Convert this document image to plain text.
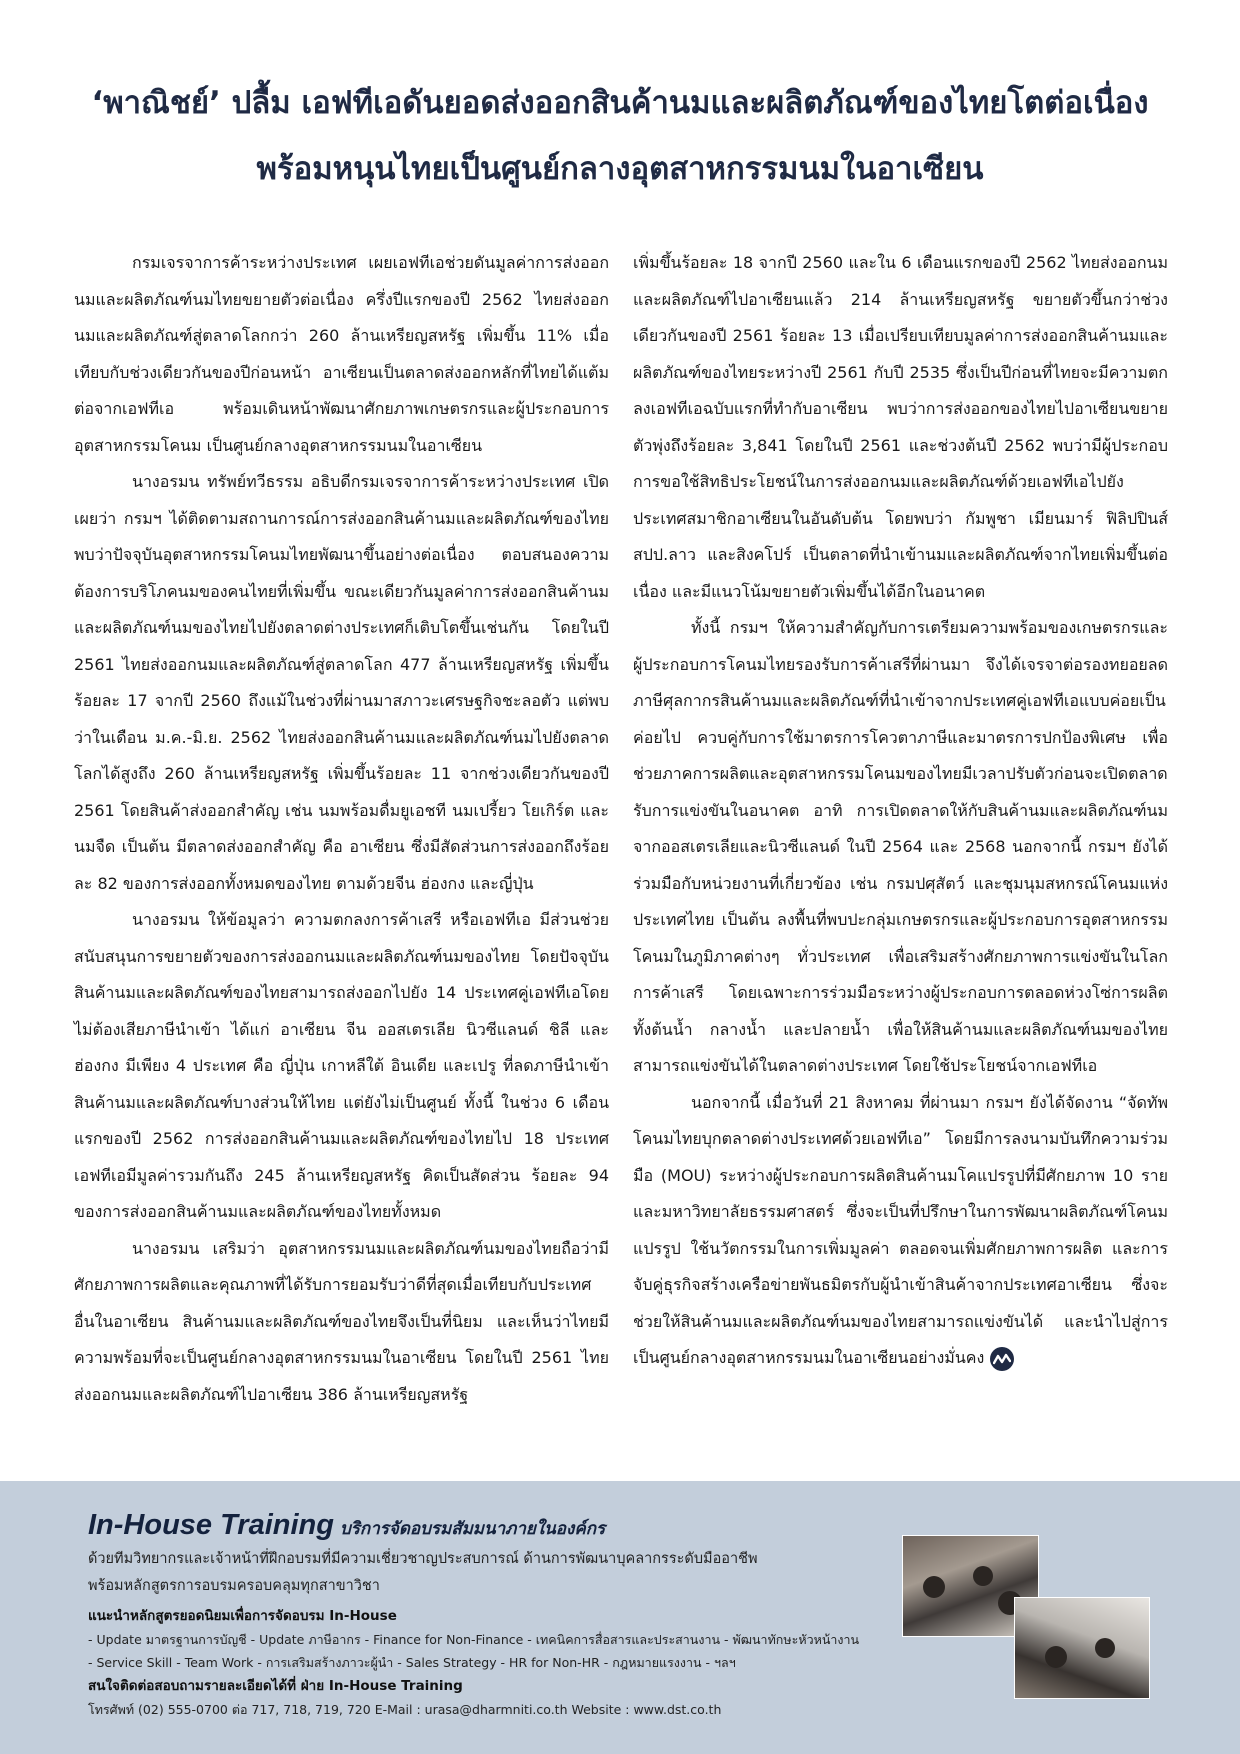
‘พาณิชย์’ ปลื้ม เอฟทีเอดันยอดส่งออกสินค้านมและผลิตภัณฑ์ของไทยโตต่อเนื่อง
พร้อมหนุนไทยเป็นศูนย์กลางอุตสาหกรรมนมในอาเซียน

กรมเจรจาการค้าระหว่างประเทศ เผยเอฟทีเอช่วยดันมูลค่าการส่งออกนมและผลิตภัณฑ์นมไทยขยายตัวต่อเนื่อง ครึ่งปีแรกของปี 2562 ไทยส่งออกนมและผลิตภัณฑ์สู่ตลาดโลกกว่า 260 ล้านเหรียญสหรัฐ เพิ่มขึ้น 11% เมื่อเทียบกับช่วงเดียวกันของปีก่อนหน้า อาเซียนเป็นตลาดส่งออกหลักที่ไทยได้แต้มต่อจากเอฟทีเอ พร้อมเดินหน้าพัฒนาศักยภาพเกษตรกรและผู้ประกอบการอุตสาหกรรมโคนม เป็นศูนย์กลางอุตสาหกรรมนมในอาเซียน

นางอรมน ทรัพย์ทวีธรรม อธิบดีกรมเจรจาการค้าระหว่างประเทศ เปิดเผยว่า กรมฯ ได้ติดตามสถานการณ์การส่งออกสินค้านมและผลิตภัณฑ์ของไทย พบว่าปัจจุบันอุตสาหกรรมโคนมไทยพัฒนาขึ้นอย่างต่อเนื่อง ตอบสนองความต้องการบริโภคนมของคนไทยที่เพิ่มขึ้น ขณะเดียวกันมูลค่าการส่งออกสินค้านมและผลิตภัณฑ์นมของไทยไปยังตลาดต่างประเทศก็เติบโตขึ้นเช่นกัน โดยในปี 2561 ไทยส่งออกนมและผลิตภัณฑ์สู่ตลาดโลก 477 ล้านเหรียญสหรัฐ เพิ่มขึ้นร้อยละ 17 จากปี 2560 ถึงแม้ในช่วงที่ผ่านมาสภาวะเศรษฐกิจชะลอตัว แต่พบว่าในเดือน ม.ค.-มิ.ย. 2562 ไทยส่งออกสินค้านมและผลิตภัณฑ์นมไปยังตลาดโลกได้สูงถึง 260 ล้านเหรียญสหรัฐ เพิ่มขึ้นร้อยละ 11 จากช่วงเดียวกันของปี 2561 โดยสินค้าส่งออกสำคัญ เช่น นมพร้อมดื่มยูเอชที นมเปรี้ยว โยเกิร์ต และนมจืด เป็นต้น มีตลาดส่งออกสำคัญ คือ อาเซียน ซึ่งมีสัดส่วนการส่งออกถึงร้อยละ 82 ของการส่งออกทั้งหมดของไทย ตามด้วยจีน ฮ่องกง และญี่ปุ่น

นางอรมน ให้ข้อมูลว่า ความตกลงการค้าเสรี หรือเอฟทีเอ มีส่วนช่วยสนับสนุนการขยายตัวของการส่งออกนมและผลิตภัณฑ์นมของไทย โดยปัจจุบันสินค้านมและผลิตภัณฑ์ของไทยสามารถส่งออกไปยัง 14 ประเทศคู่เอฟทีเอโดยไม่ต้องเสียภาษีนำเข้า ได้แก่ อาเซียน จีน ออสเตรเลีย นิวซีแลนด์ ชิลี และฮ่องกง มีเพียง 4 ประเทศ คือ ญี่ปุ่น เกาหลีใต้ อินเดีย และเปรู ที่ลดภาษีนำเข้าสินค้านมและผลิตภัณฑ์บางส่วนให้ไทย แต่ยังไม่เป็นศูนย์ ทั้งนี้ ในช่วง 6 เดือนแรกของปี 2562 การส่งออกสินค้านมและผลิตภัณฑ์ของไทยไป 18 ประเทศเอฟทีเอมีมูลค่ารวมกันถึง 245 ล้านเหรียญสหรัฐ คิดเป็นสัดส่วน ร้อยละ 94 ของการส่งออกสินค้านมและผลิตภัณฑ์ของไทยทั้งหมด

นางอรมน เสริมว่า อุตสาหกรรมนมและผลิตภัณฑ์นมของไทยถือว่ามีศักยภาพการผลิตและคุณภาพที่ได้รับการยอมรับว่าดีที่สุดเมื่อเทียบกับประเทศอื่นในอาเซียน สินค้านมและผลิตภัณฑ์ของไทยจึงเป็นที่นิยม และเห็นว่าไทยมีความพร้อมที่จะเป็นศูนย์กลางอุตสาหกรรมนมในอาเซียน โดยในปี 2561 ไทยส่งออกนมและผลิตภัณฑ์ไปอาเซียน 386 ล้านเหรียญสหรัฐ

เพิ่มขึ้นร้อยละ 18 จากปี 2560 และใน 6 เดือนแรกของปี 2562 ไทยส่งออกนมและผลิตภัณฑ์ไปอาเซียนแล้ว 214 ล้านเหรียญสหรัฐ ขยายตัวขึ้นกว่าช่วงเดียวกันของปี 2561 ร้อยละ 13 เมื่อเปรียบเทียบมูลค่าการส่งออกสินค้านมและผลิตภัณฑ์ของไทยระหว่างปี 2561 กับปี 2535 ซึ่งเป็นปีก่อนที่ไทยจะมีความตกลงเอฟทีเอฉบับแรกที่ทำกับอาเซียน พบว่าการส่งออกของไทยไปอาเซียนขยายตัวพุ่งถึงร้อยละ 3,841 โดยในปี 2561 และช่วงต้นปี 2562 พบว่ามีผู้ประกอบการขอใช้สิทธิประโยชน์ในการส่งออกนมและผลิตภัณฑ์ด้วยเอฟทีเอไปยังประเทศสมาชิกอาเซียนในอันดับต้น โดยพบว่า กัมพูชา เมียนมาร์ ฟิลิปปินส์ สปป.ลาว และสิงคโปร์ เป็นตลาดที่นำเข้านมและผลิตภัณฑ์จากไทยเพิ่มขึ้นต่อเนื่อง และมีแนวโน้มขยายตัวเพิ่มขึ้นได้อีกในอนาคต

ทั้งนี้ กรมฯ ให้ความสำคัญกับการเตรียมความพร้อมของเกษตรกรและผู้ประกอบการโคนมไทยรองรับการค้าเสรีที่ผ่านมา จึงได้เจรจาต่อรองทยอยลดภาษีศุลกากรสินค้านมและผลิตภัณฑ์ที่นำเข้าจากประเทศคู่เอฟทีเอแบบค่อยเป็นค่อยไป ควบคู่กับการใช้มาตรการโควตาภาษีและมาตรการปกป้องพิเศษ เพื่อช่วยภาคการผลิตและอุตสาหกรรมโคนมของไทยมีเวลาปรับตัวก่อนจะเปิดตลาดรับการแข่งขันในอนาคต อาทิ การเปิดตลาดให้กับสินค้านมและผลิตภัณฑ์นมจากออสเตรเลียและนิวซีแลนด์ ในปี 2564 และ 2568 นอกจากนี้ กรมฯ ยังได้ร่วมมือกับหน่วยงานที่เกี่ยวข้อง เช่น กรมปศุสัตว์ และชุมนุมสหกรณ์โคนมแห่งประเทศไทย เป็นต้น ลงพื้นที่พบปะกลุ่มเกษตรกรและผู้ประกอบการอุตสาหกรรมโคนมในภูมิภาคต่างๆ ทั่วประเทศ เพื่อเสริมสร้างศักยภาพการแข่งขันในโลกการค้าเสรี โดยเฉพาะการร่วมมือระหว่างผู้ประกอบการตลอดห่วงโซ่การผลิต ทั้งต้นน้ำ กลางน้ำ และปลายน้ำ เพื่อให้สินค้านมและผลิตภัณฑ์นมของไทยสามารถแข่งขันได้ในตลาดต่างประเทศ โดยใช้ประโยชน์จากเอฟทีเอ

นอกจากนี้ เมื่อวันที่ 21 สิงหาคม ที่ผ่านมา กรมฯ ยังได้จัดงาน “จัดทัพโคนมไทยบุกตลาดต่างประเทศด้วยเอฟทีเอ” โดยมีการลงนามบันทึกความร่วมมือ (MOU) ระหว่างผู้ประกอบการผลิตสินค้านมโคแปรรูปที่มีศักยภาพ 10 ราย และมหาวิทยาลัยธรรมศาสตร์ ซึ่งจะเป็นที่ปรึกษาในการพัฒนาผลิตภัณฑ์โคนมแปรรูป ใช้นวัตกรรมในการเพิ่มมูลค่า ตลอดจนเพิ่มศักยภาพการผลิต และการจับคู่ธุรกิจสร้างเครือข่ายพันธมิตรกับผู้นำเข้าสินค้าจากประเทศอาเซียน ซึ่งจะช่วยให้สินค้านมและผลิตภัณฑ์นมของไทยสามารถแข่งขันได้ และนำไปสู่การเป็นศูนย์กลางอุตสาหกรรมนมในอาเซียนอย่างมั่นคง

In-House Training บริการจัดอบรมสัมมนาภายในองค์กร
ด้วยทีมวิทยากรและเจ้าหน้าที่ฝึกอบรมที่มีความเชี่ยวชาญประสบการณ์ ด้านการพัฒนาบุคลากรระดับมืออาชีพ
พร้อมหลักสูตรการอบรมครอบคลุมทุกสาขาวิชา
แนะนำหลักสูตรยอดนิยมเพื่อการจัดอบรม In-House
- Update มาตรฐานการบัญชี - Update ภาษีอากร - Finance for Non-Finance - เทคนิคการสื่อสารและประสานงาน - พัฒนาทักษะหัวหน้างาน
- Service Skill - Team Work - การเสริมสร้างภาวะผู้นำ - Sales Strategy - HR for Non-HR - กฎหมายแรงงาน - ฯลฯ
สนใจติดต่อสอบถามรายละเอียดได้ที่ ฝ่าย In-House Training
โทรศัพท์ (02) 555-0700 ต่อ 717, 718, 719, 720 E-Mail : urasa@dharmniti.co.th Website : www.dst.co.th
